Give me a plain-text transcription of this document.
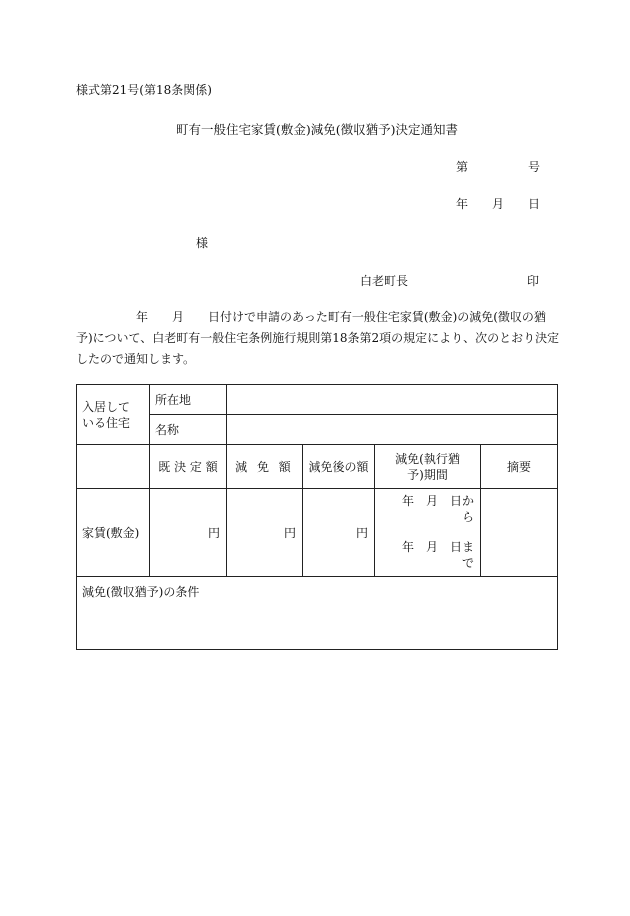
様式第21号(第18条関係)
町有一般住宅家賃(敷金)減免(徴収猶予)決定通知書
第	号
年 月 日
様
白老町長	印
　　　　　年　　月　　日付けで申請のあった町有一般住宅家賃(敷金)の減免(徴収の猶
予)について、白老町有一般住宅条例施行規則第18条第2項の規定により、次のとおり決定
したので通知します。
入居している住宅	所在地				
	名称				
	既 決 定 額	減 免 額	減免後の額	減免(執行猶予)期間	摘要
家賃(敷金)	円	円	円	年　月　日から
年　月　日まで	

減免(徴収猶予)の条件					
